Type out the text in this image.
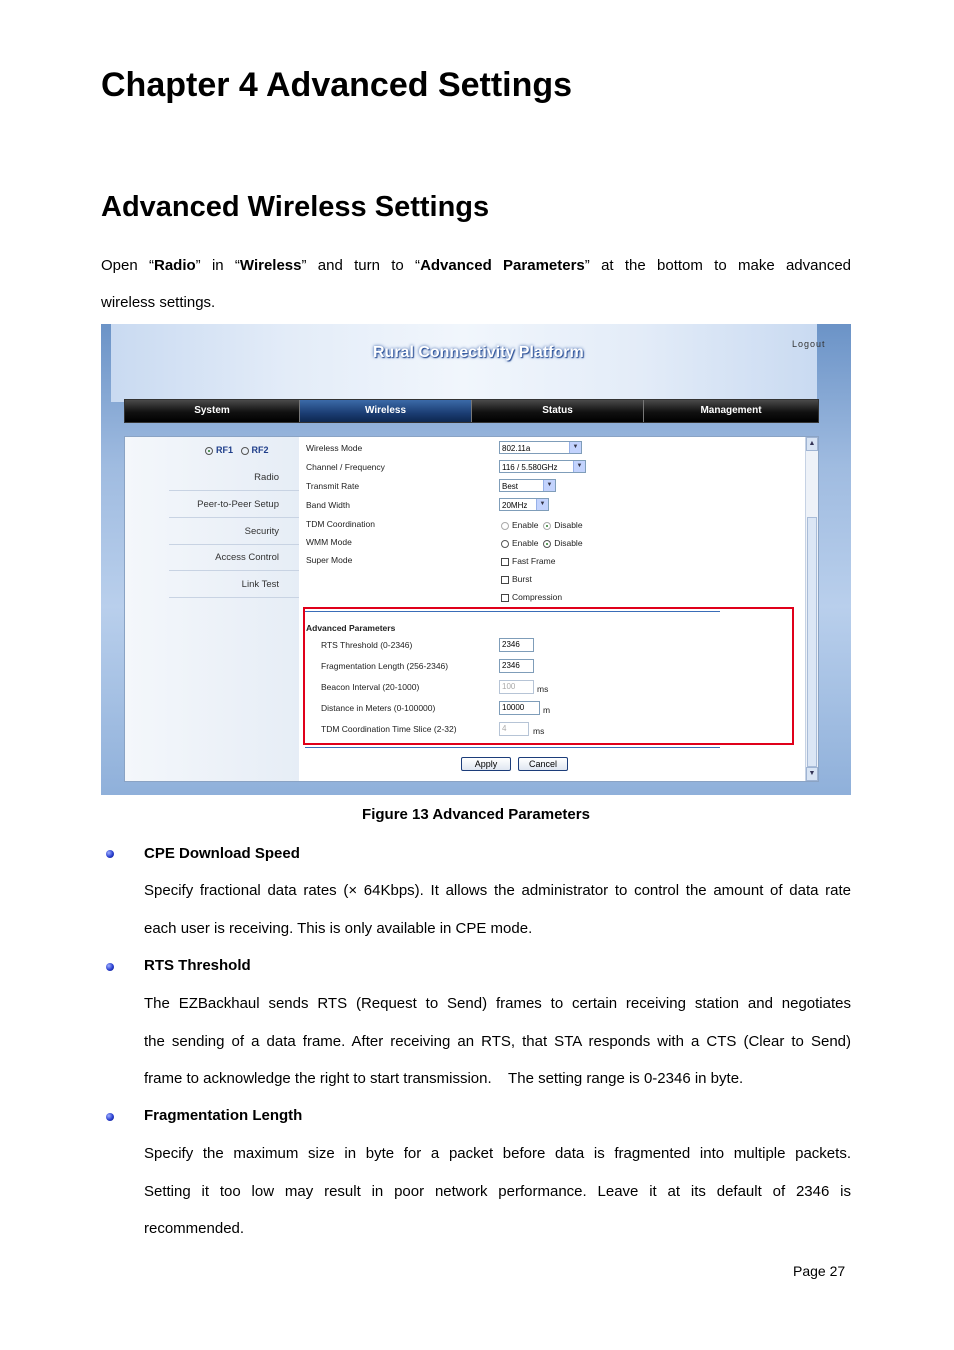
Chapter 4 Advanced Settings
Advanced Wireless Settings
Open “Radio” in “Wireless” and turn to “Advanced Parameters” at the bottom to make advanced
wireless settings.
Rural Connectivity Platform	Logout
System	Wireless	Status	Management
RF1 RF2
Radio
Peer-to-Peer Setup
Security
Access Control
Link Test
Wireless Mode	802.11a	▼
Channel / Frequency	116 / 5.580GHz	▼
Transmit Rate	Best	▼
Band Width	20MHz	▼
TDM Coordination	Enable Disable
WMM Mode	Enable Disable
Super Mode	Fast Frame
Burst
Compression
Advanced Parameters
RTS Threshold (0-2346)	2346
Fragmentation Length (256-2346)	2346
Beacon Interval (20-1000)	100	ms
Distance in Meters (0-100000)	10000	m
TDM Coordination Time Slice (2-32)	4	ms
Apply	Cancel
▲
▼
Figure 13 Advanced Parameters
CPE Download Speed
Specify fractional data rates (× 64Kbps). It allows the administrator to control the amount of data rate
each user is receiving. This is only available in CPE mode.
RTS Threshold
The EZBackhaul sends RTS (Request to Send) frames to certain receiving station and negotiates
the sending of a data frame. After receiving an RTS, that STA responds with a CTS (Clear to Send)
frame to acknowledge the right to start transmission.    The setting range is 0-2346 in byte.
Fragmentation Length
Specify the maximum size in byte for a packet before data is fragmented into multiple packets.
Setting it too low may result in poor network performance. Leave it at its default of 2346 is
recommended.
Page 27
